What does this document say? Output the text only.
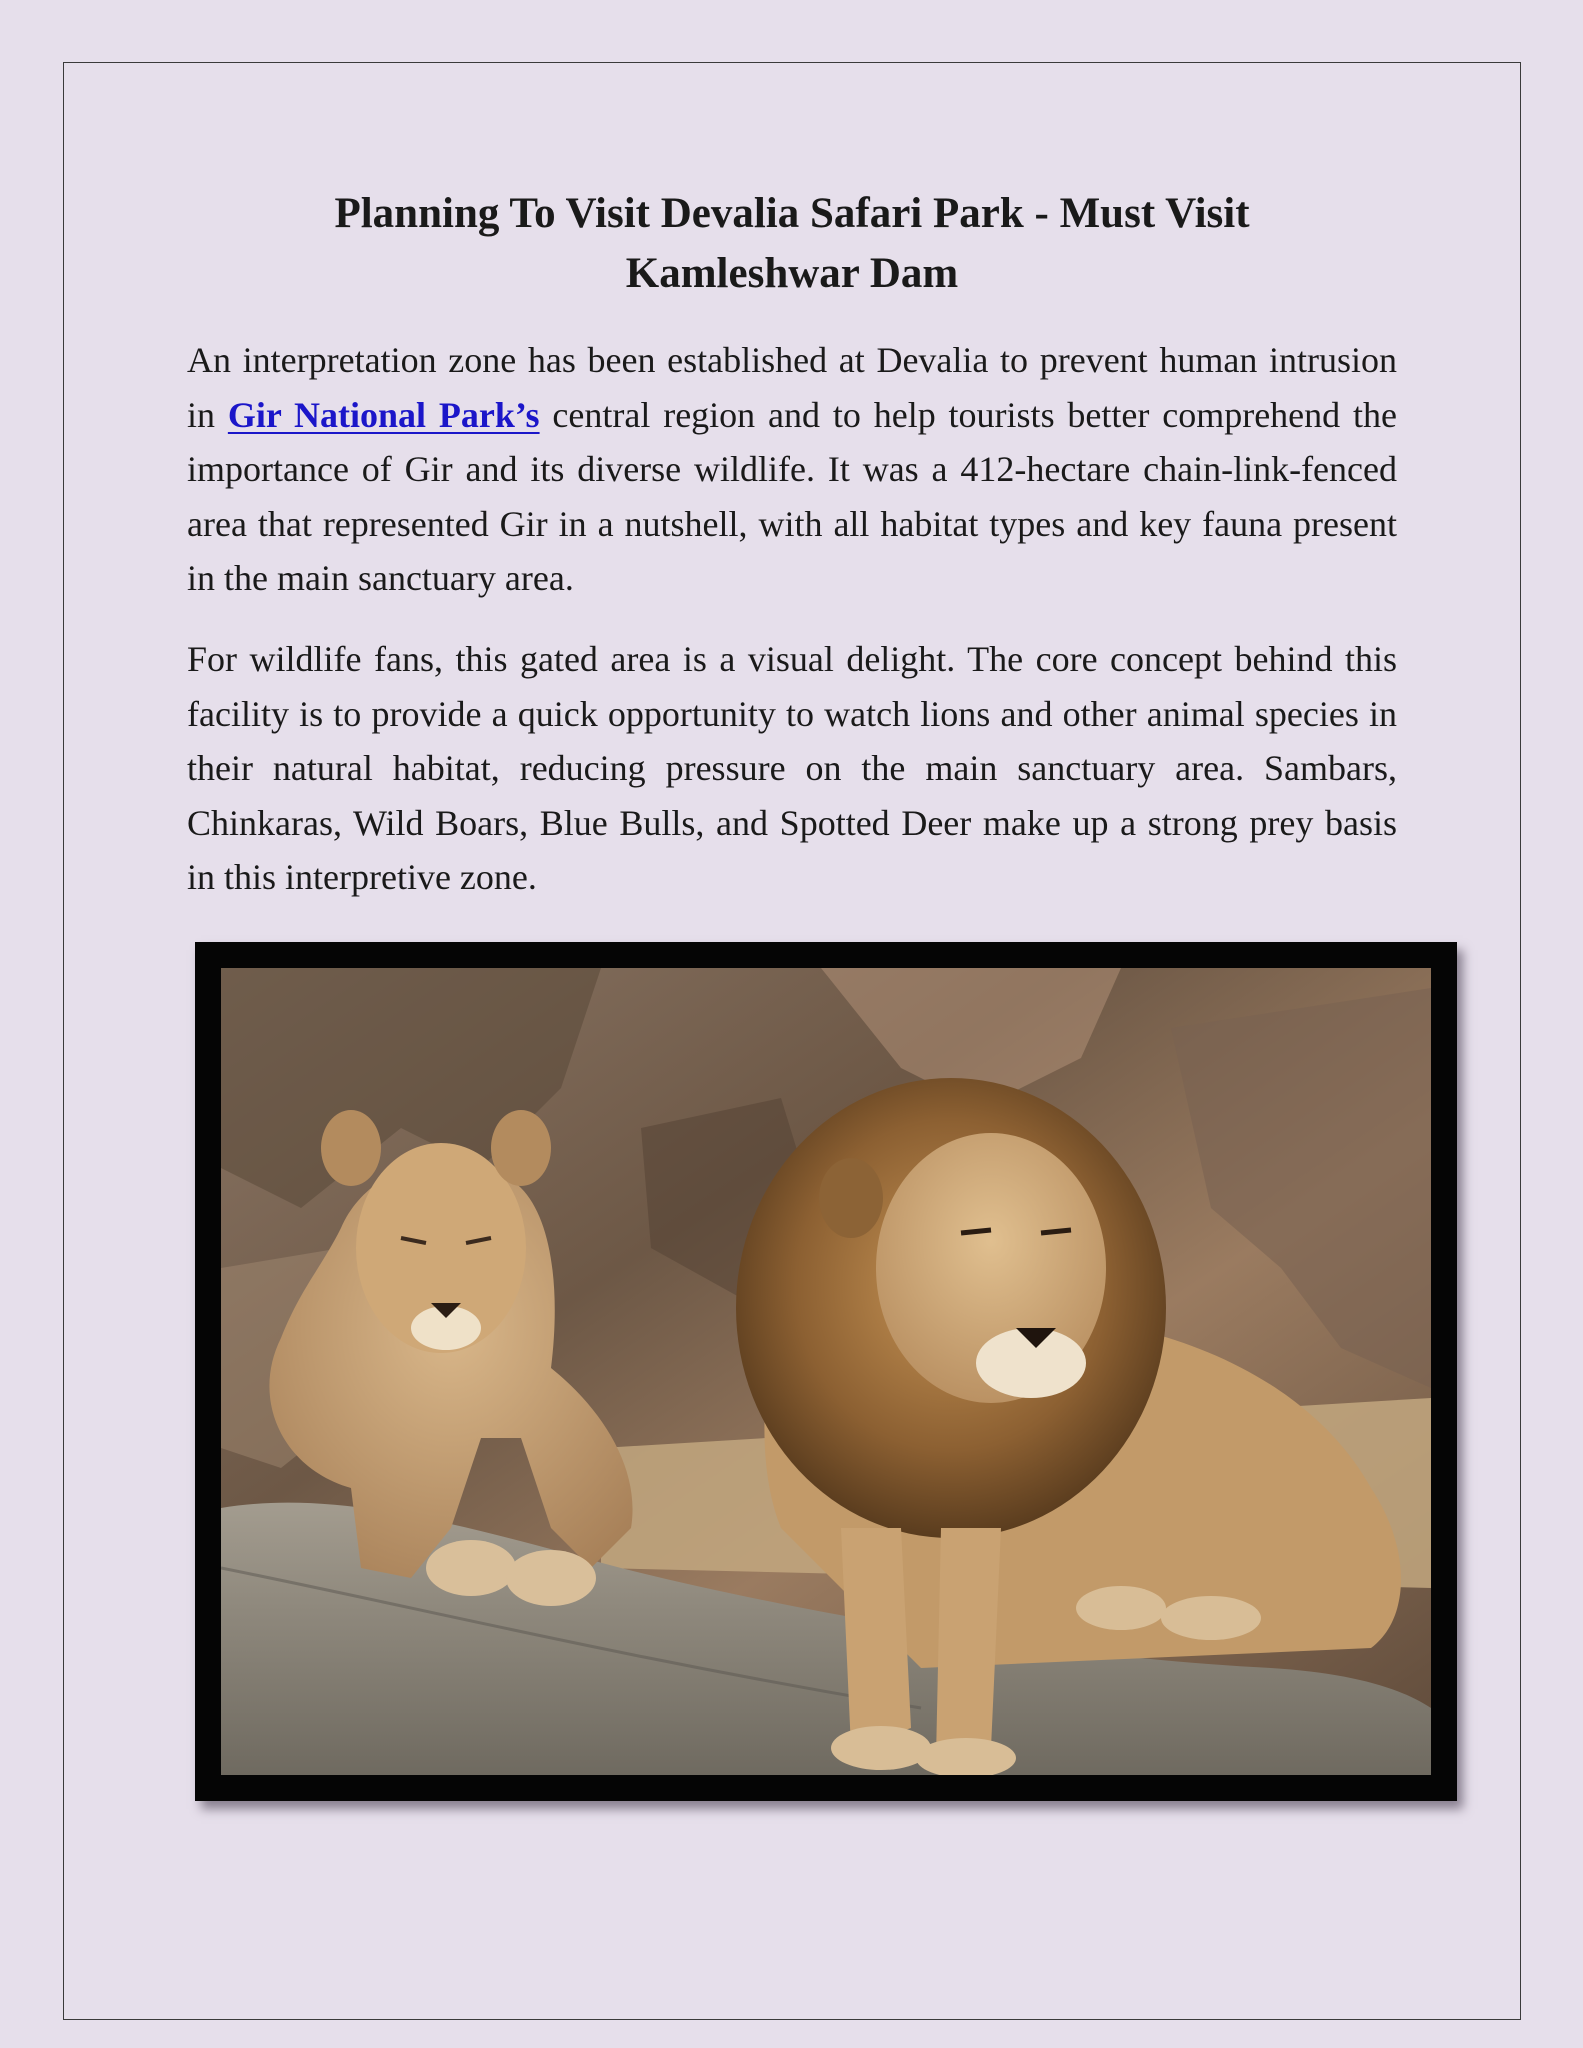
Planning To Visit Devalia Safari Park - Must Visit
Kamleshwar Dam

An interpretation zone has been established at Devalia to prevent human intrusion in Gir National Park’s central region and to help tourists better comprehend the importance of Gir and its diverse wildlife. It was a 412-hectare chain-link-fenced area that represented Gir in a nutshell, with all habitat types and key fauna present in the main sanctuary area.

For wildlife fans, this gated area is a visual delight. The core concept behind this facility is to provide a quick opportunity to watch lions and other animal species in their natural habitat, reducing pressure on the main sanctuary area. Sambars, Chinkaras, Wild Boars, Blue Bulls, and Spotted Deer make up a strong prey basis in this interpretive zone.
